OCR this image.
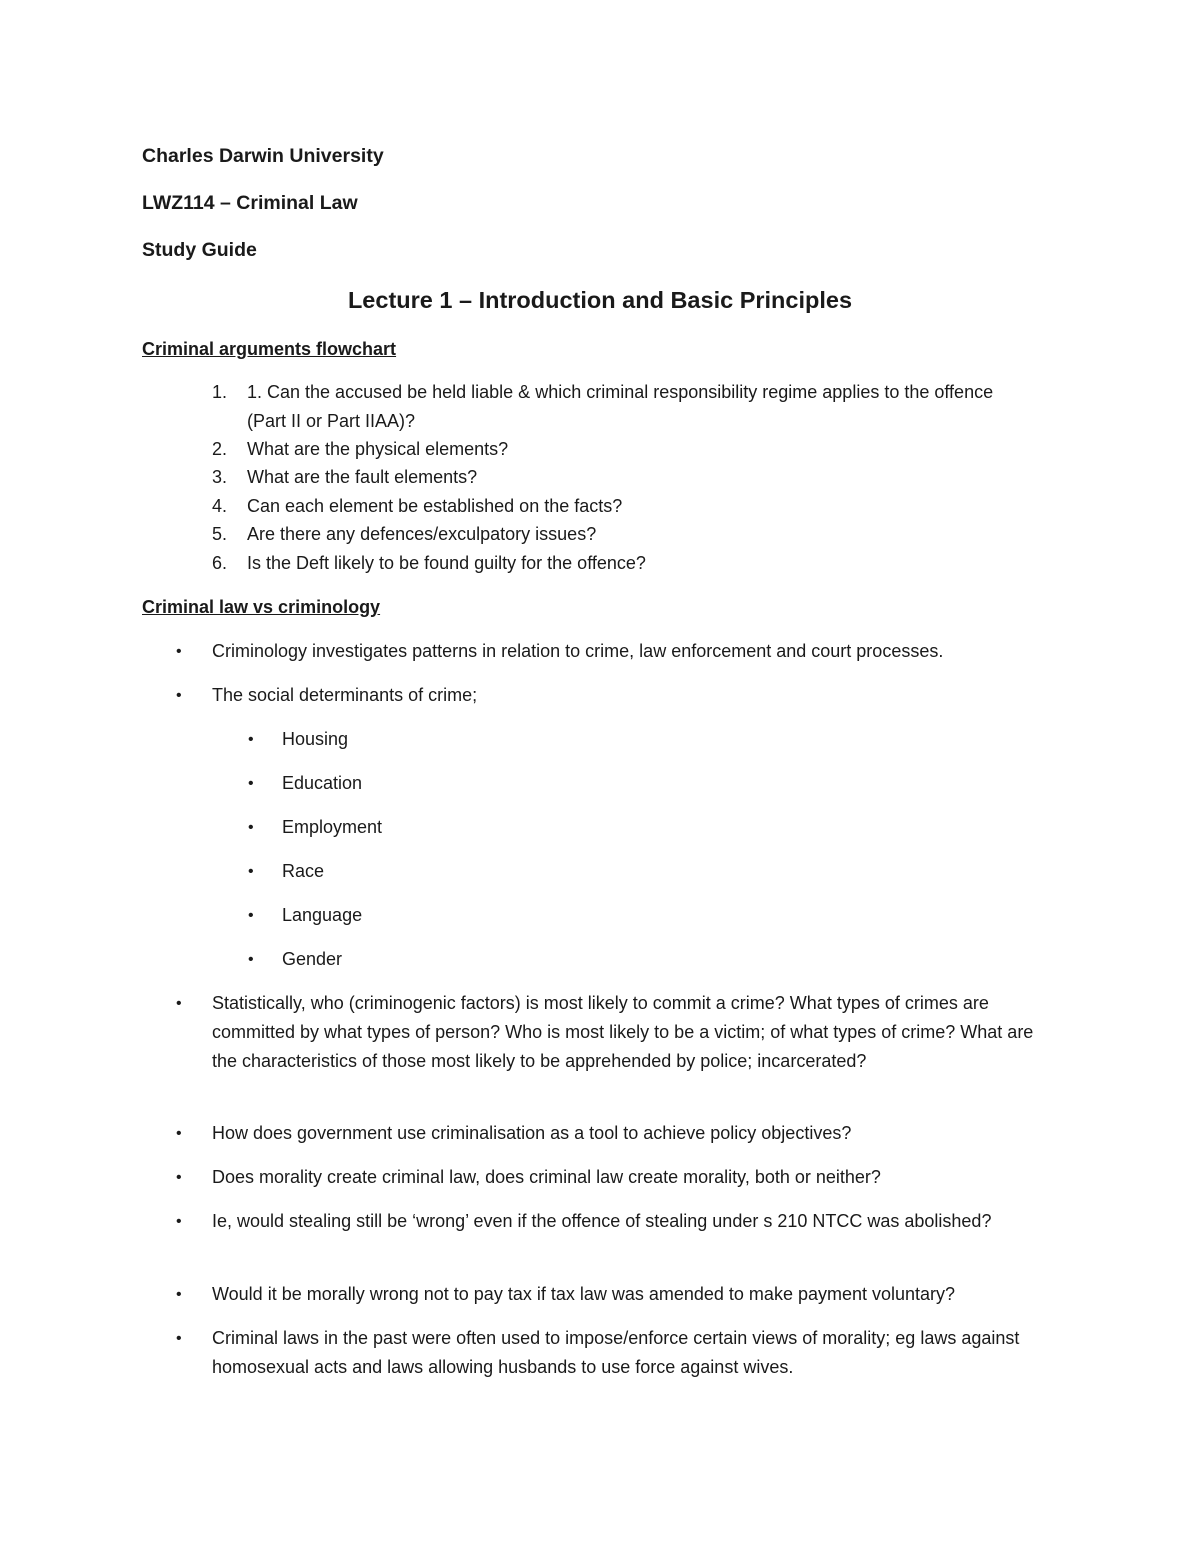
Charles Darwin University
LWZ114 – Criminal Law
Study Guide
Lecture 1 – Introduction and Basic Principles
Criminal arguments flowchart
1. 1. Can the accused be held liable & which criminal responsibility regime applies to the offence (Part II or Part IIAA)?
2. What are the physical elements?
3. What are the fault elements?
4. Can each element be established on the facts?
5. Are there any defences/exculpatory issues?
6. Is the Deft likely to be found guilty for the offence?
Criminal law vs criminology
• Criminology investigates patterns in relation to crime, law enforcement and court processes.
• The social determinants of crime;
• Housing
• Education
• Employment
• Race
• Language
• Gender
• Statistically, who (criminogenic factors) is most likely to commit a crime? What types of crimes are committed by what types of person? Who is most likely to be a victim; of what types of crime? What are the characteristics of those most likely to be apprehended by police; incarcerated?
• How does government use criminalisation as a tool to achieve policy objectives?
• Does morality create criminal law, does criminal law create morality, both or neither?
• Ie, would stealing still be ‘wrong’ even if the offence of stealing under s 210 NTCC was abolished?
• Would it be morally wrong not to pay tax if tax law was amended to make payment voluntary?
• Criminal laws in the past were often used to impose/enforce certain views of morality; eg laws against homosexual acts and laws allowing husbands to use force against wives.
